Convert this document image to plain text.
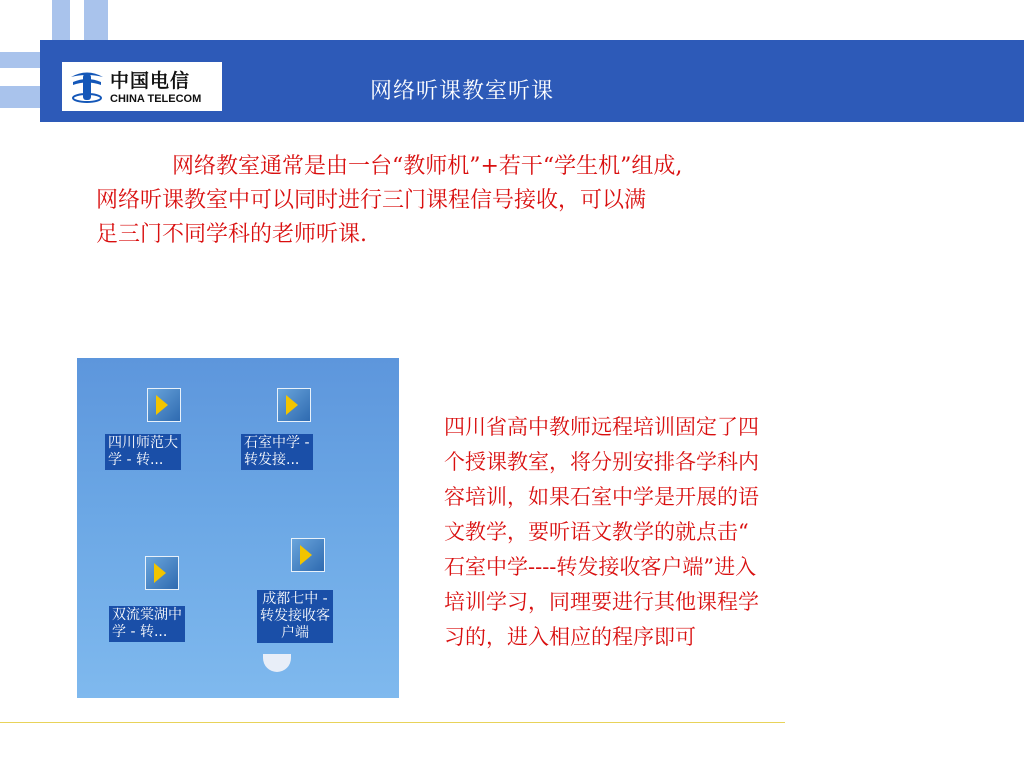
中国电信
CHINA TELECOM	网络听课教室听课
网络教室通常是由一台“教师机”+若干“学生机”组成,
网络听课教室中可以同时进行三门课程信号接收，可以满
足三门不同学科的老师听课.
四川师范大
学 - 转...
石室中学 -
转发接...
双流棠湖中
学 - 转...
成都七中 -
转发接收客
户端
四川省高中教师远程培训固定了四
个授课教室，将分别安排各学科内
容培训，如果石室中学是开展的语
文教学，要听语文教学的就点击“
石室中学----转发接收客户端”进入
培训学习，同理要进行其他课程学
习的，进入相应的程序即可
